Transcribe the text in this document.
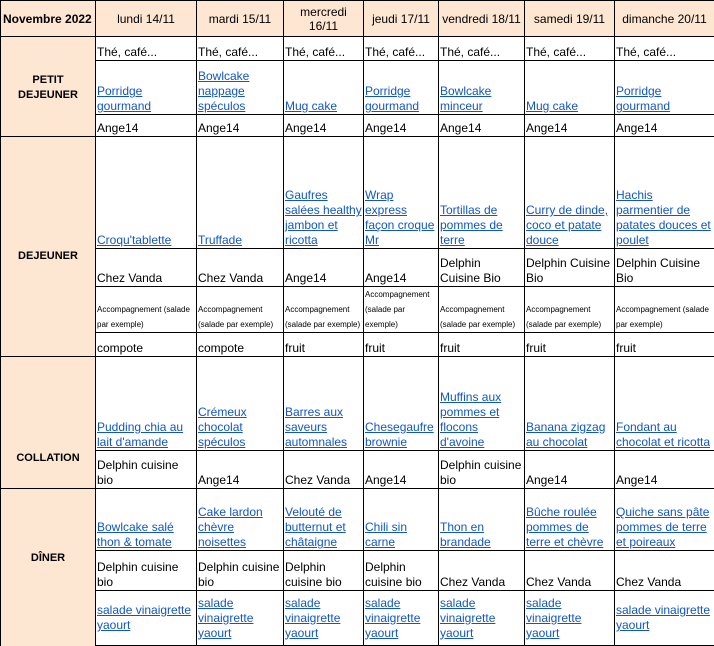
Novembre 2022	lundi 14/11	mardi 15/11	mercredi 16/11	jeudi 17/11	vendredi 18/11	samedi 19/11	dimanche 20/11
	Thé, café...	Thé, café...	Thé, café...	Thé, café...	Thé, café...	Thé, café...	Thé, café...
PETIT DEJEUNER	Porridge gourmand	Bowlcake nappage spéculos	Mug cake	Porridge gourmand	Bowlcake minceur	Mug cake	Porridge gourmand
	Ange14	Ange14	Ange14	Ange14	Ange14	Ange14	Ange14
	Croqu'tablette	Truffade	Gaufres salées healthy jambon et ricotta	Wrap express façon croque Mr	Tortillas de pommes de terre	Curry de dinde, coco et patate douce	Hachis parmentier de patates douces et poulet
DEJEUNER	Chez Vanda	Chez Vanda	Ange14	Ange14	Delphin Cuisine Bio	Delphin Cuisine Bio	Delphin Cuisine Bio
	Accompagnement (salade par exemple)	Accompagnement (salade par exemple)	Accompagnement (salade par exemple)	Accompagnement (salade par exemple)	Accompagnement (salade par exemple)	Accompagnement (salade par exemple)	Accompagnement (salade par exemple)
	compote	compote	fruit	fruit	fruit	fruit	fruit
	Pudding chia au lait d'amande	Crémeux chocolat spéculos	Barres aux saveurs automnales	Chesegaufre brownie	Muffins aux pommes et flocons d'avoine	Banana zigzag au chocolat	Fondant au chocolat et ricotta
COLLATION	Delphin cuisine bio	Ange14	Chez Vanda	Ange14	Delphin cuisine bio	Ange14	Ange14
	Bowlcake salé thon & tomate	Cake lardon chèvre noisettes	Velouté de butternut et châtaigne	Chili sin carne	Thon en brandade	Bûche roulée pommes de terre et chèvre	Quiche sans pâte pommes de terre et poireaux
DÎNER	Delphin cuisine bio	Delphin cuisine bio	Delphin cuisine bio	Delphin cuisine bio	Chez Vanda	Chez Vanda	Chez Vanda
	salade vinaigrette yaourt	salade vinaigrette yaourt	salade vinaigrette yaourt	salade vinaigrette yaourt	salade vinaigrette yaourt	salade vinaigrette yaourt	salade vinaigrette yaourt
